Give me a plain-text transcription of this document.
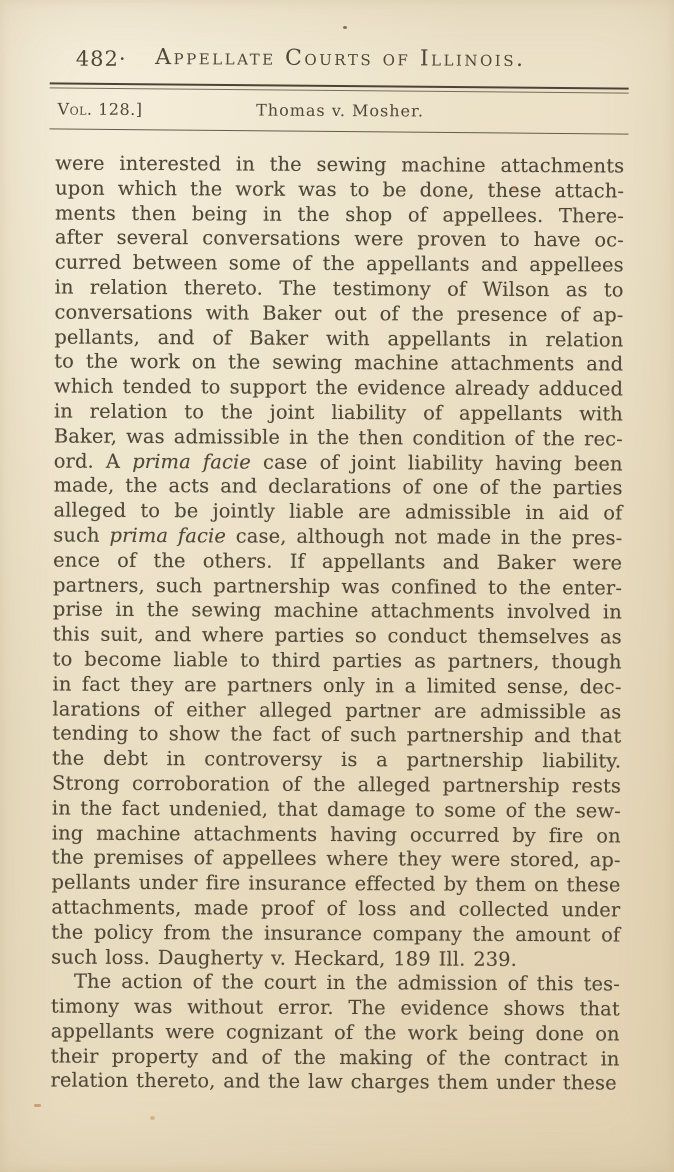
482·	Appellate Courts of Illinois.
Vol. 128.]	Thomas v. Mosher.
were interested in the sewing machine attachments
upon which the work was to be done, these attach-
ments then being in the shop of appellees. There-
after several conversations were proven to have oc-
curred between some of the appellants and appellees
in relation thereto. The testimony of Wilson as to
conversations with Baker out of the presence of ap-
pellants, and of Baker with appellants in relation
to the work on the sewing machine attachments and
which tended to support the evidence already adduced
in relation to the joint liability of appellants with
Baker, was admissible in the then condition of the rec-
ord. A prima facie case of joint liability having been
made, the acts and declarations of one of the parties
alleged to be jointly liable are admissible in aid of
such prima facie case, although not made in the pres-
ence of the others. If appellants and Baker were
partners, such partnership was confined to the enter-
prise in the sewing machine attachments involved in
this suit, and where parties so conduct themselves as
to become liable to third parties as partners, though
in fact they are partners only in a limited sense, dec-
larations of either alleged partner are admissible as
tending to show the fact of such partnership and that
the debt in controversy is a partnership liability.
Strong corroboration of the alleged partnership rests
in the fact undenied, that damage to some of the sew-
ing machine attachments having occurred by fire on
the premises of appellees where they were stored, ap-
pellants under fire insurance effected by them on these
attachments, made proof of loss and collected under
the policy from the insurance company the amount of
such loss. Daugherty v. Heckard, 189 Ill. 239.
The action of the court in the admission of this tes-
timony was without error. The evidence shows that
appellants were cognizant of the work being done on
their property and of the making of the contract in
relation thereto, and the law charges them under these
